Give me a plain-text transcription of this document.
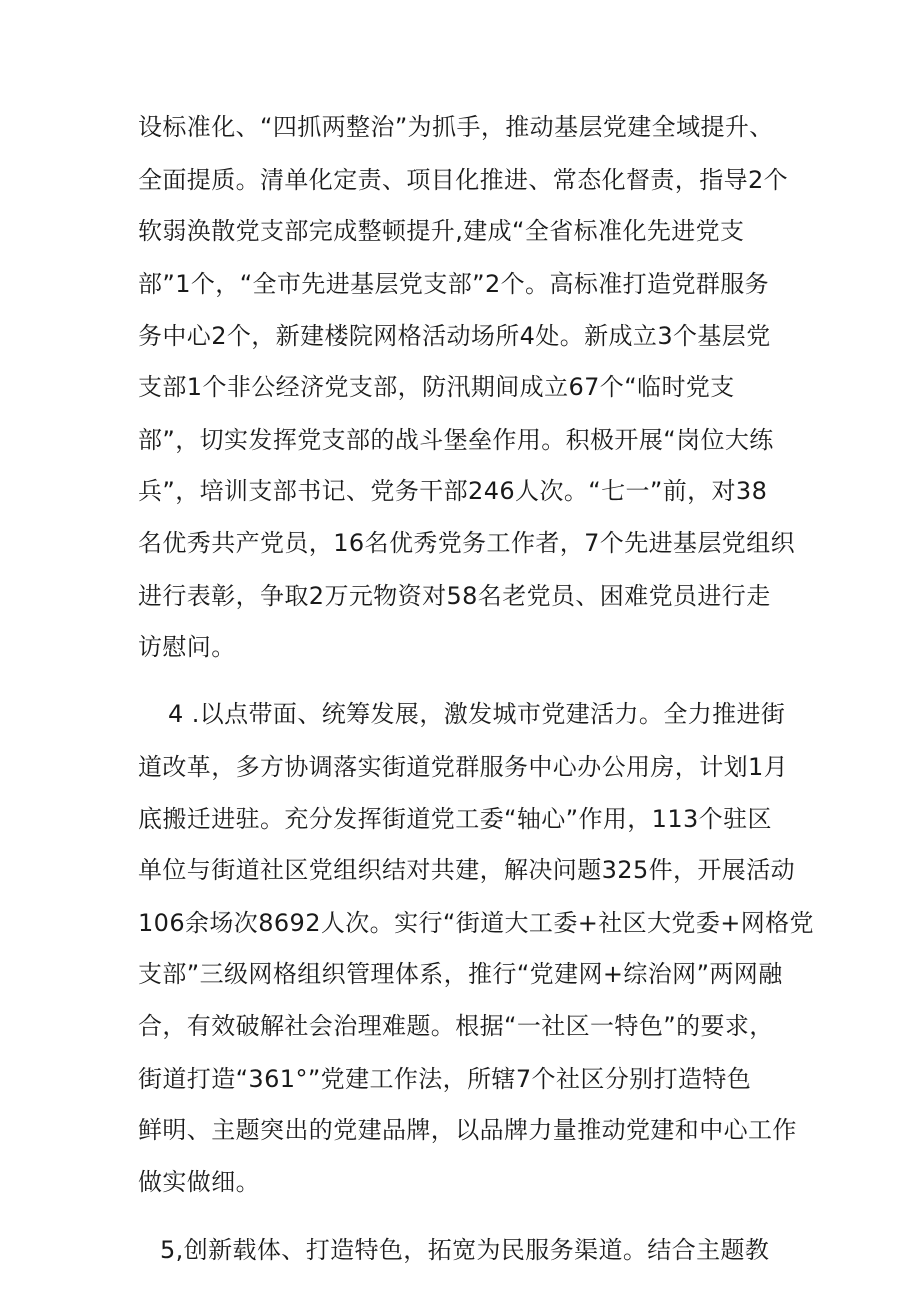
设标准化、“四抓两整治”为抓手，推动基层党建全域提升、
全面提质。清单化定责、项目化推进、常态化督责，指导2个
软弱涣散党支部完成整顿提升,建成“全省标准化先进党支
部”1个，“全市先进基层党支部”2个。高标准打造党群服务
务中心2个，新建楼院网格活动场所4处。新成立3个基层党
支部1个非公经济党支部，防汛期间成立67个“临时党支
部”，切实发挥党支部的战斗堡垒作用。积极开展“岗位大练
兵”，培训支部书记、党务干部246人次。“七一”前，对38
名优秀共产党员，16名优秀党务工作者，7个先进基层党组织
进行表彰，争取2万元物资对58名老党员、困难党员进行走
访慰问。
4 .以点带面、统筹发展，激发城市党建活力。全力推进街
道改革，多方协调落实街道党群服务中心办公用房，计划1月
底搬迁进驻。充分发挥街道党工委“轴心”作用，113个驻区
单位与街道社区党组织结对共建，解决问题325件，开展活动
106余场次8692人次。实行“街道大工委+社区大党委+网格党
支部”三级网格组织管理体系，推行“党建网+综治网”两网融
合，有效破解社会治理难题。根据“一社区一特色”的要求，
街道打造“361°”党建工作法，所辖7个社区分别打造特色
鲜明、主题突出的党建品牌，以品牌力量推动党建和中心工作
做实做细。
5,创新载体、打造特色，拓宽为民服务渠道。结合主题教
